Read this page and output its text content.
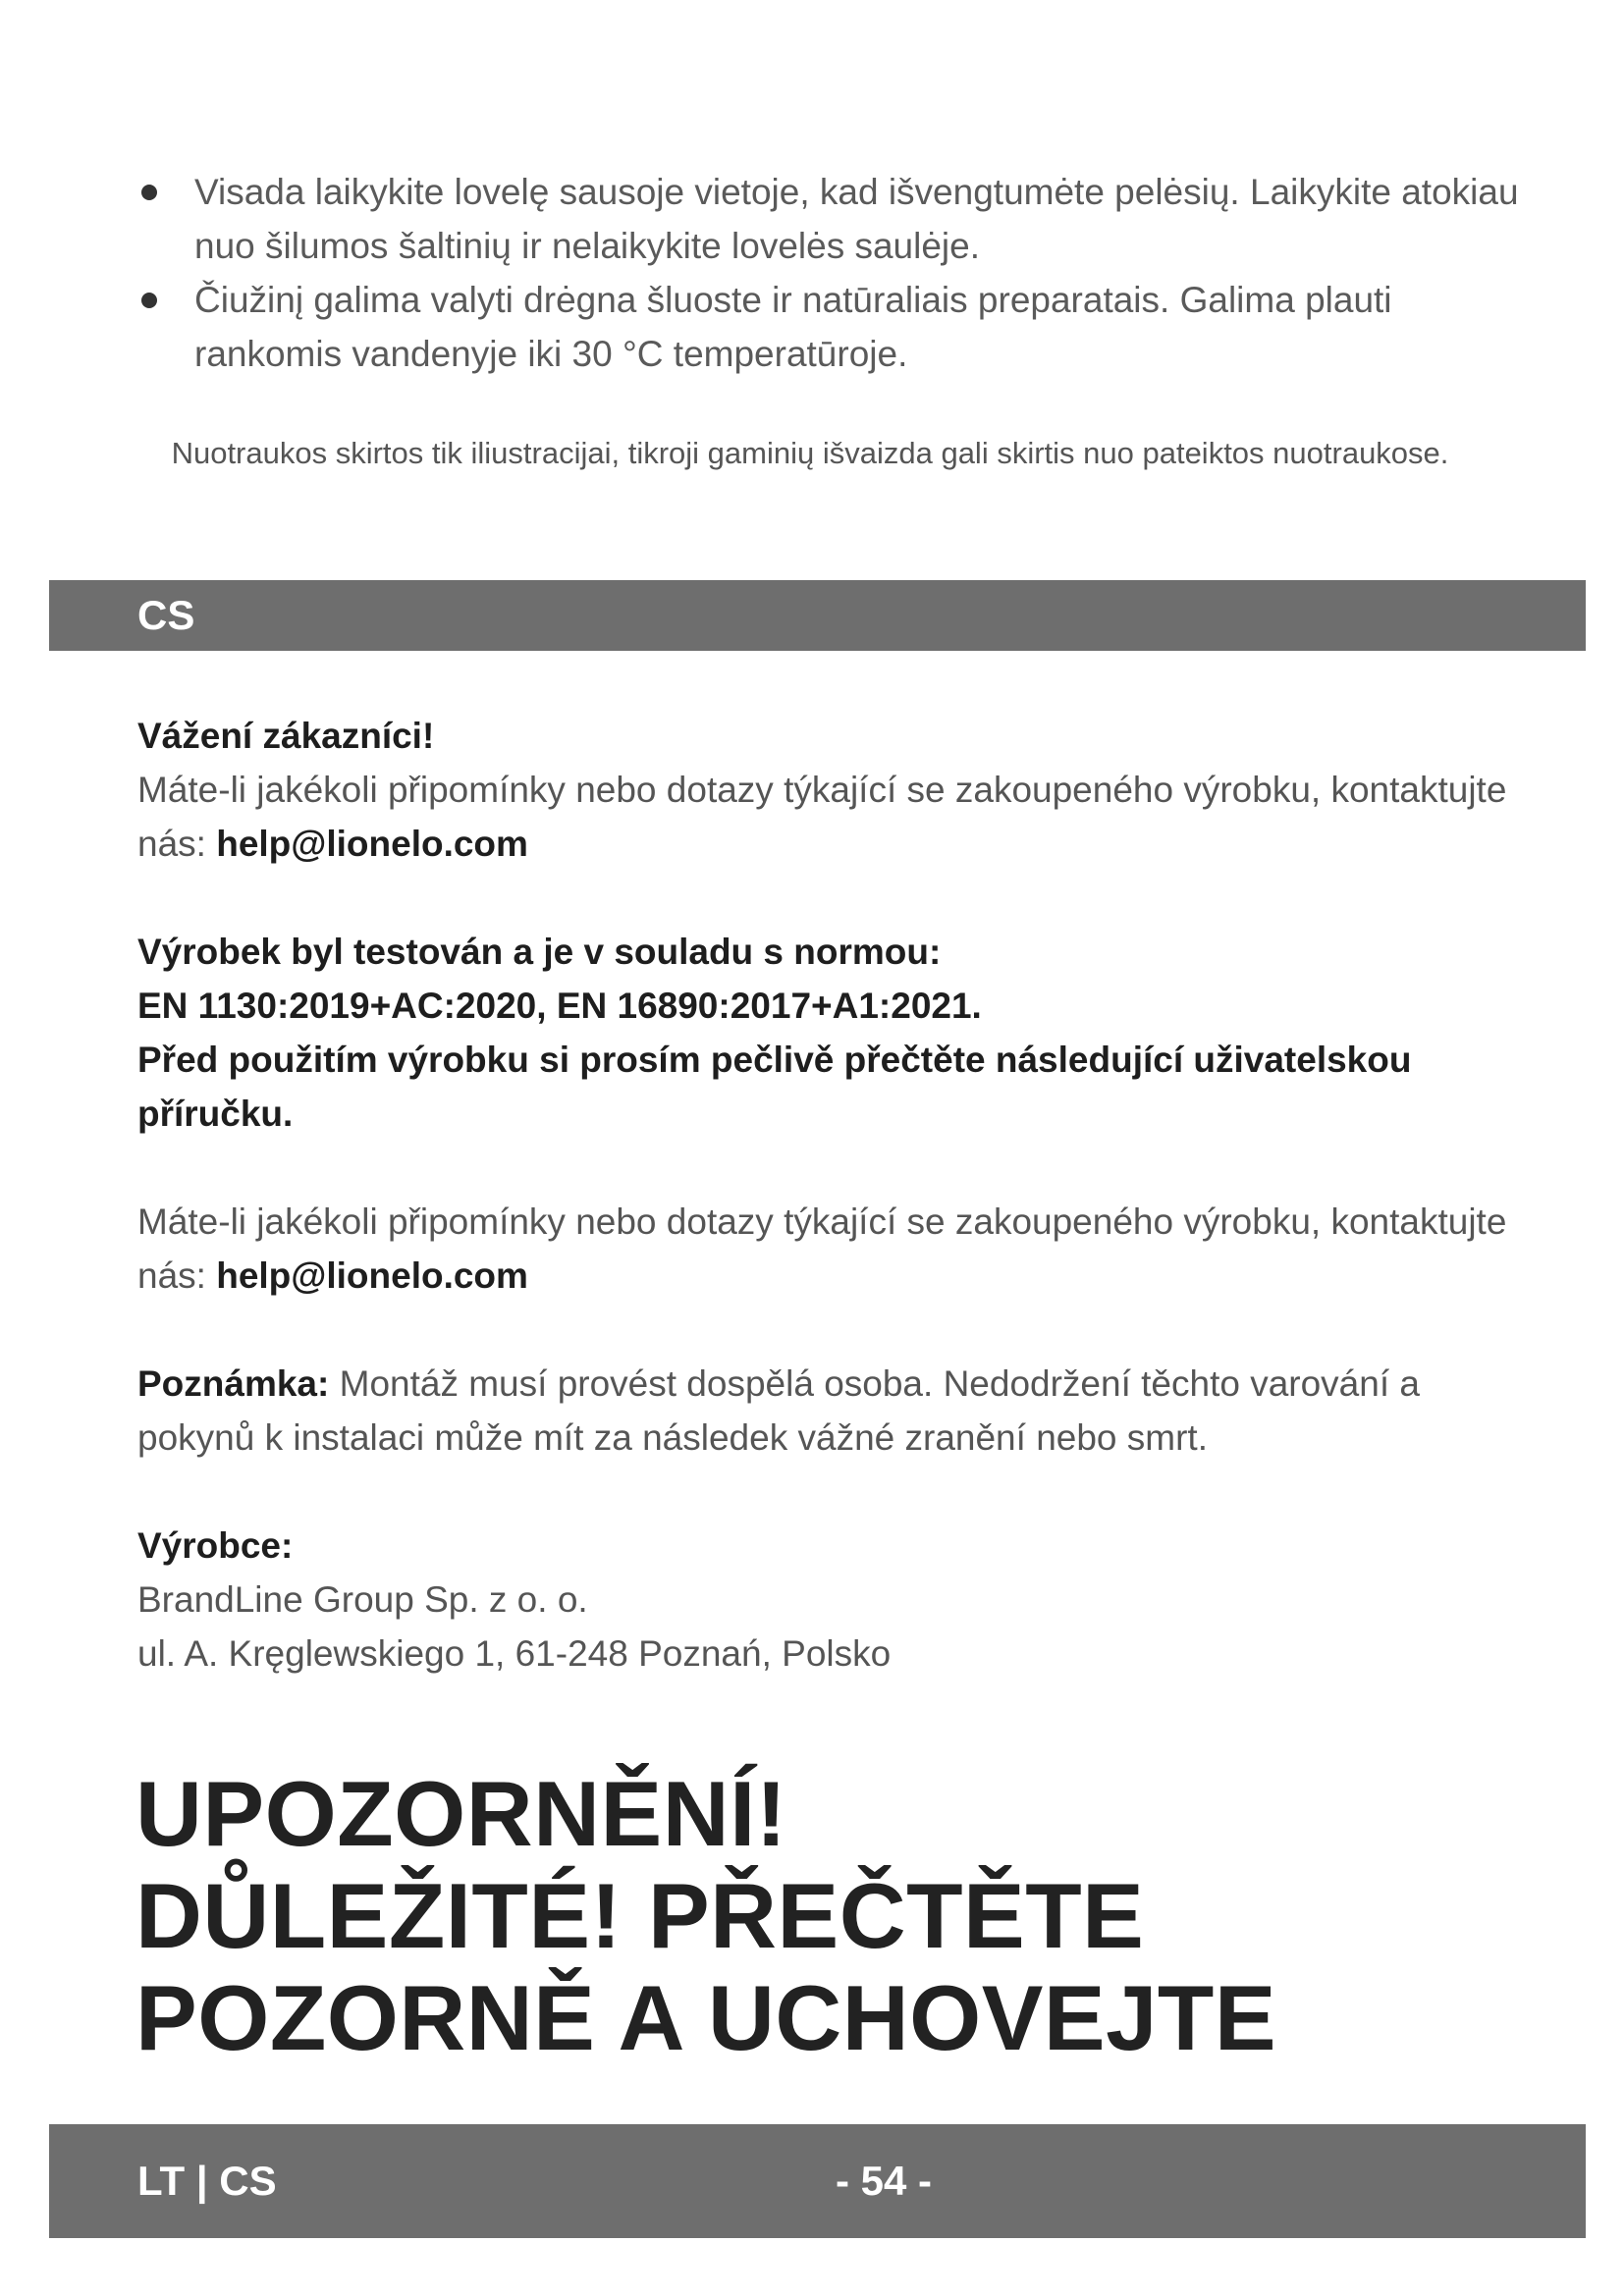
Visada laikykite lovelę sausoje vietoje, kad išvengtumėte pelėsių. Laikykite atokiau nuo šilumos šaltinių ir nelaikykite lovelės saulėje.
Čiužinį galima valyti drėgna šluoste ir natūraliais preparatais. Galima plauti rankomis vandenyje iki 30 °C temperatūroje.
Nuotraukos skirtos tik iliustracijai, tikroji gaminių išvaizda gali skirtis nuo pateiktos nuotraukose.
CS

Vážení zákazníci!

Máte-li jakékoli připomínky nebo dotazy týkající se zakoupeného výrobku, kontaktujte nás: help@lionelo.com

Výrobek byl testován a je v souladu s normou:

EN 1130:2019+AC:2020, EN 16890:2017+A1:2021.

Před použitím výrobku si prosím pečlivě přečtěte následující uživatelskou příručku.

Máte-li jakékoli připomínky nebo dotazy týkající se zakoupeného výrobku, kontaktujte nás: help@lionelo.com

Poznámka: Montáž musí provést dospělá osoba. Nedodržení těchto varování a pokynů k instalaci může mít za následek vážné zranění nebo smrt.

Výrobce:

BrandLine Group Sp. z o. o.

ul. A. Kręglewskiego 1, 61-248 Poznań, Polsko

UPOZORNĚNÍ!
DŮLEŽITÉ! PŘEČTĚTE
POZORNĚ A UCHOVEJTE
LT | CS	- 54 -
